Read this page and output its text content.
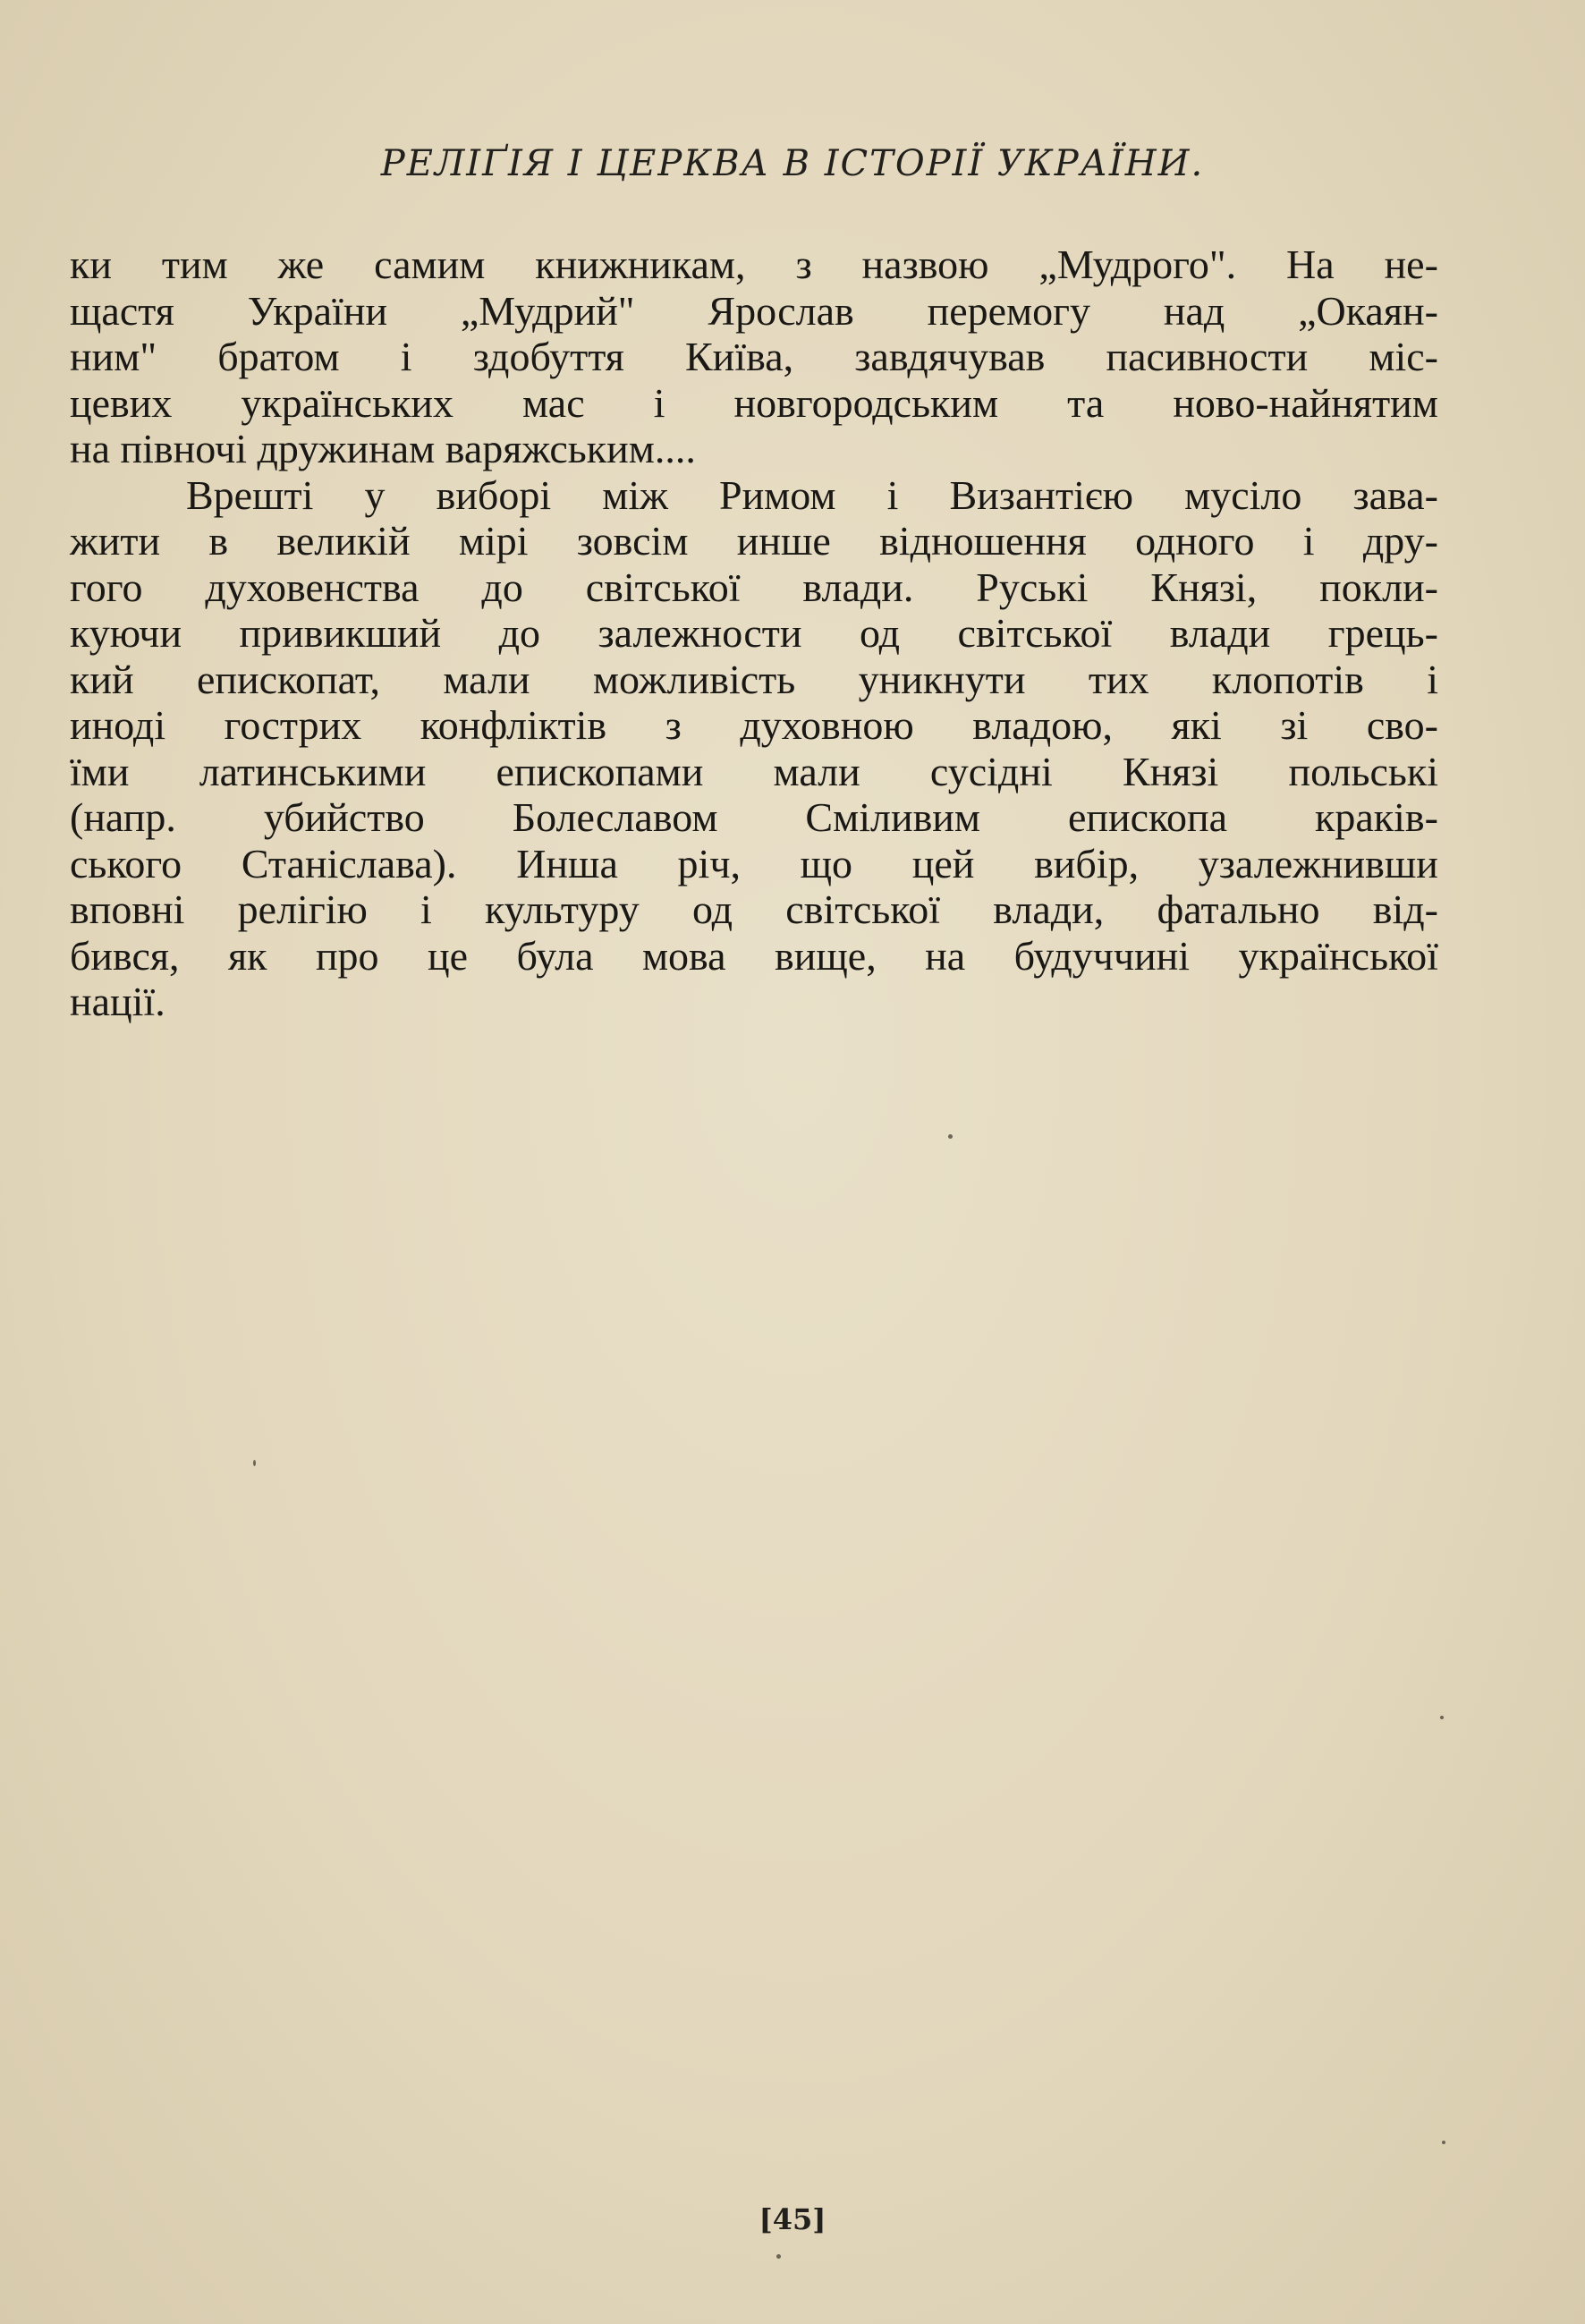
РЕЛІҐІЯ І ЦЕРКВА В ІСТОРІЇ УКРАЇНИ.
ки тим же самим книжникам, з назвою „Мудрого". На не-
щастя України „Мудрий" Ярослав перемогу над „Окаян-
ним" братом і здобуття Київа, завдячував пасивности міс-
цевих українських мас і новгородським та ново-найнятим
на півночі дружинам варяжським....
Врешті у виборі між Римом і Византією мусіло зава-
жити в великій мірі зовсім инше відношення одного і дру-
гого духовенства до світської влади. Руські Князі, покли-
куючи привикший до залежности од світської влади грець-
кий епископат, мали можливість уникнути тих клопотів і
иноді гострих конфліктів з духовною владою, які зі сво-
їми латинськими епископами мали сусідні Князі польські
(напр. убийство Болеславом Сміливим епископа краків-
ського Станіслава). Инша річ, що цей вибір, узалежнивши
вповні релігію і культуру од світської влади, фатально від-
бився, як про це була мова вище, на будуччині української
нації.
[45]
